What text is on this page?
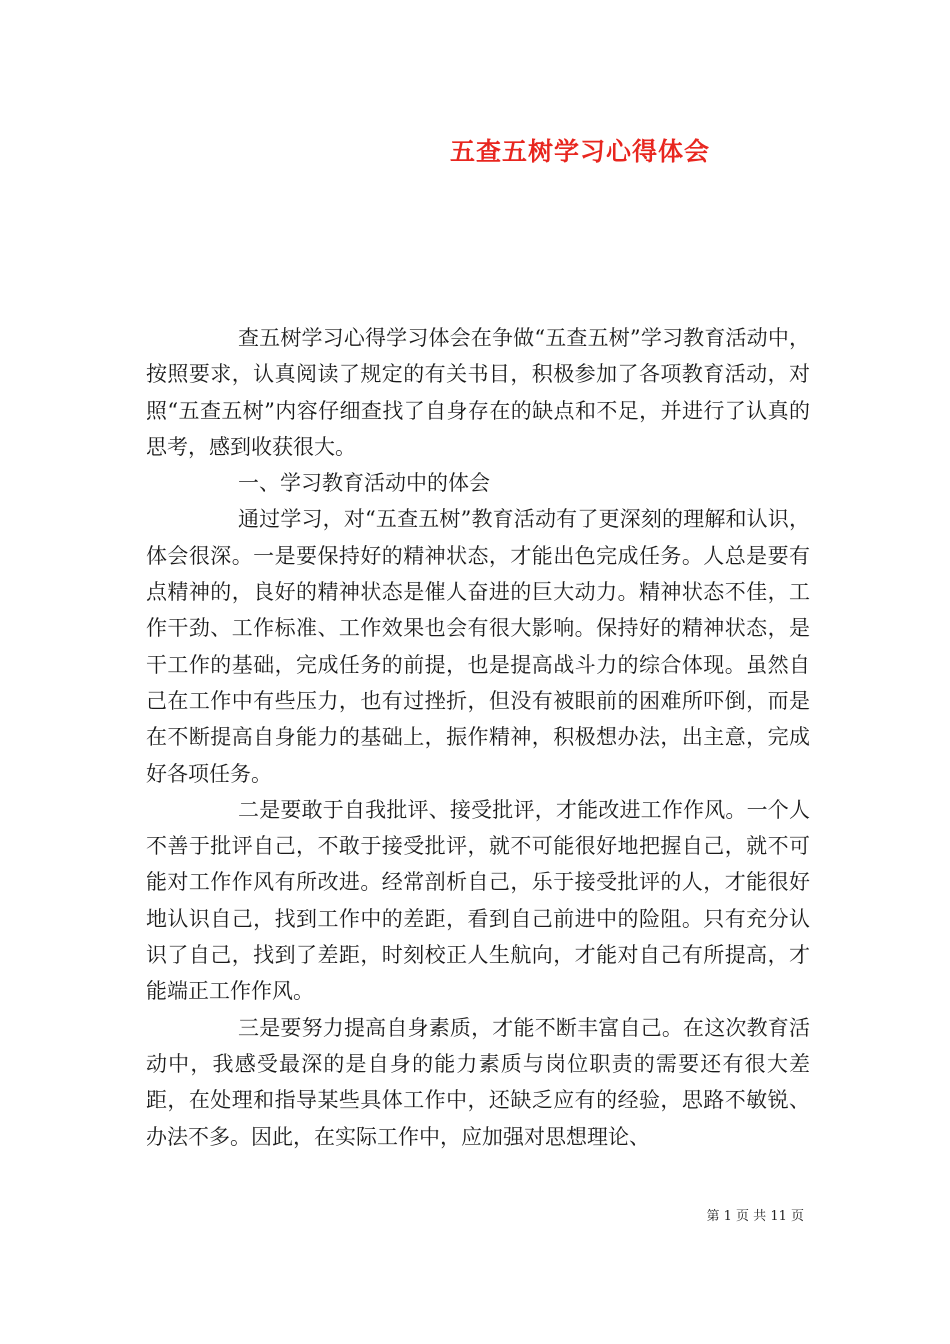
五查五树学习心得体会

查五树学习心得学习体会在争做“五查五树”学习教育活动中，按照要求，认真阅读了规定的有关书目，积极参加了各项教育活动，对照“五查五树”内容仔细查找了自身存在的缺点和不足，并进行了认真的思考，感到收获很大。

一、学习教育活动中的体会

通过学习，对“五查五树”教育活动有了更深刻的理解和认识，体会很深。一是要保持好的精神状态，才能出色完成任务。人总是要有点精神的，良好的精神状态是催人奋进的巨大动力。精神状态不佳，工作干劲、工作标准、工作效果也会有很大影响。保持好的精神状态，是干工作的基础，完成任务的前提，也是提高战斗力的综合体现。虽然自己在工作中有些压力，也有过挫折，但没有被眼前的困难所吓倒，而是在不断提高自身能力的基础上，振作精神，积极想办法，出主意，完成好各项任务。

二是要敢于自我批评、接受批评，才能改进工作作风。一个人不善于批评自己，不敢于接受批评，就不可能很好地把握自己，就不可能对工作作风有所改进。经常剖析自己，乐于接受批评的人，才能很好地认识自己，找到工作中的差距，看到自己前进中的险阻。只有充分认识了自己，找到了差距，时刻校正人生航向，才能对自己有所提高，才能端正工作作风。

三是要努力提高自身素质，才能不断丰富自己。在这次教育活动中，我感受最深的是自身的能力素质与岗位职责的需要还有很大差距，在处理和指导某些具体工作中，还缺乏应有的经验，思路不敏锐、办法不多。因此，在实际工作中，应加强对思想理论、

第 1 页 共 11 页
